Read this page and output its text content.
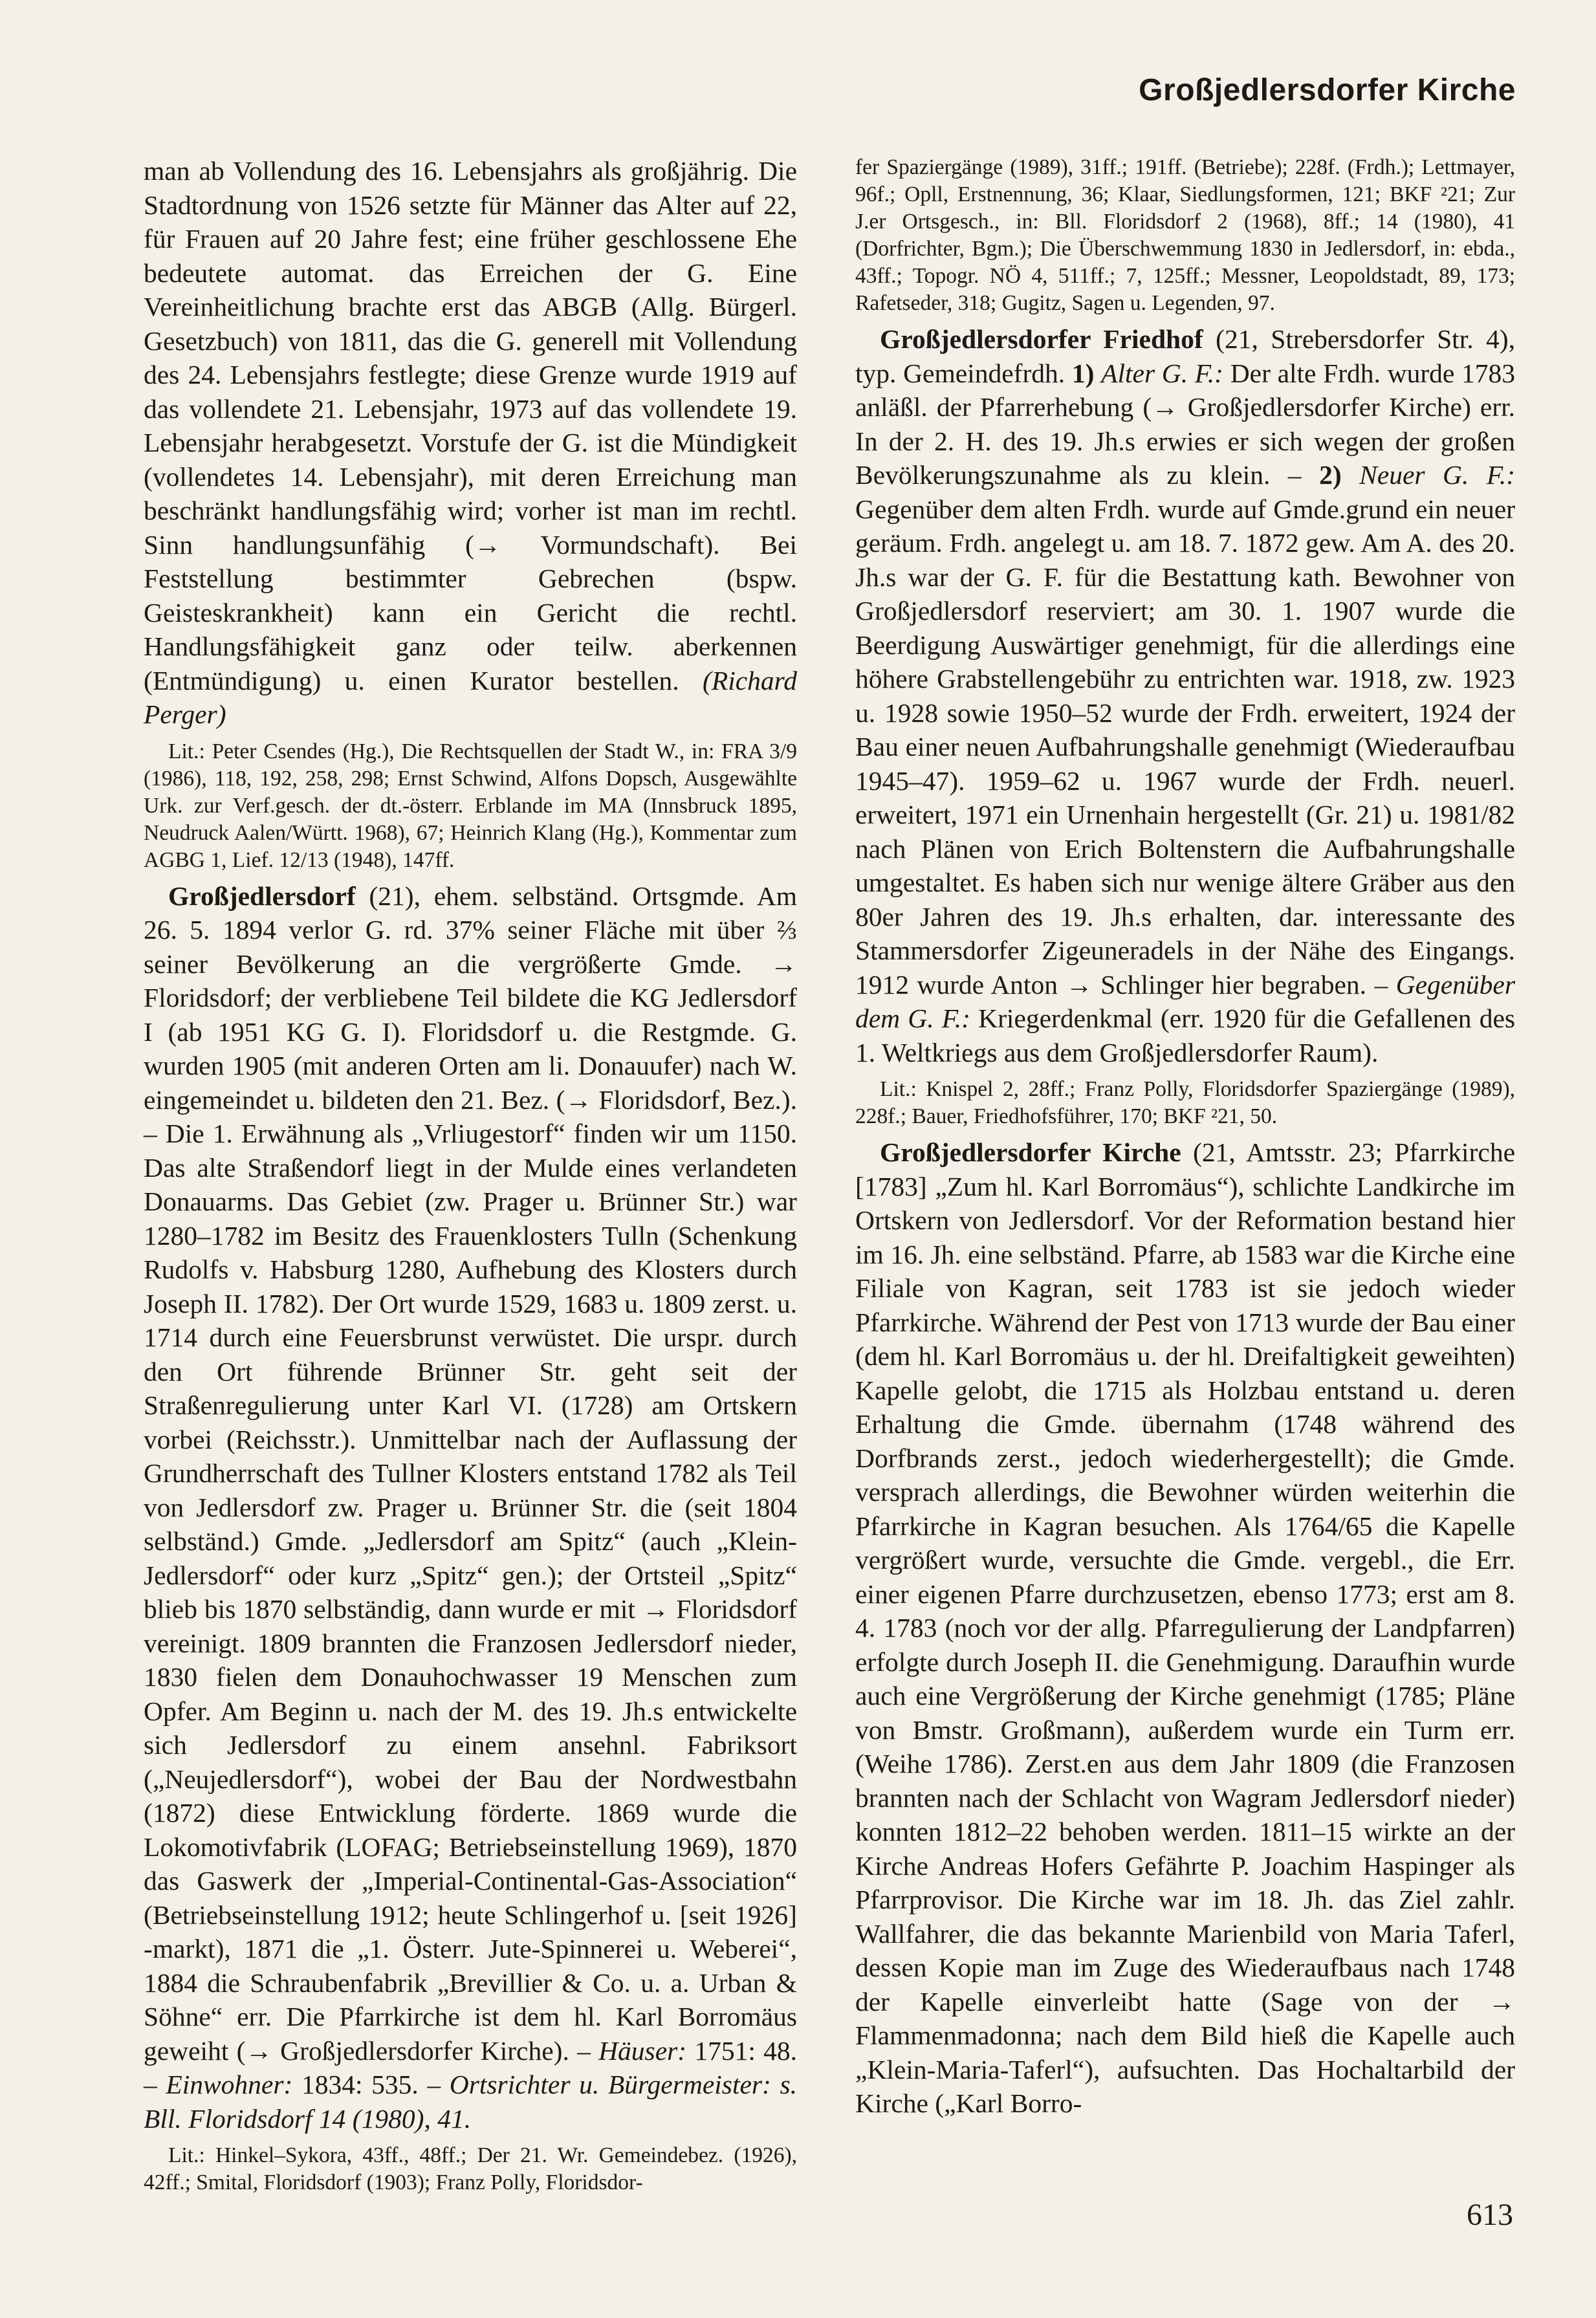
Großjedlersdorfer Kirche

man ab Vollendung des 16. Lebensjahrs als großjährig. Die Stadtordnung von 1526 setzte für Männer das Alter auf 22, für Frauen auf 20 Jahre fest; eine früher geschlossene Ehe bedeutete automat. das Erreichen der G. Eine Vereinheitlichung brachte erst das ABGB (Allg. Bürgerl. Gesetzbuch) von 1811, das die G. generell mit Vollendung des 24. Lebensjahrs festlegte; diese Grenze wurde 1919 auf das vollendete 21. Lebensjahr, 1973 auf das vollendete 19. Lebensjahr herabgesetzt. Vorstufe der G. ist die Mündigkeit (vollendetes 14. Lebensjahr), mit deren Erreichung man beschränkt handlungsfähig wird; vorher ist man im rechtl. Sinn handlungsunfähig (→ Vormundschaft). Bei Feststellung bestimmter Gebrechen (bspw. Geisteskrankheit) kann ein Gericht die rechtl. Handlungsfähigkeit ganz oder teilw. aberkennen (Entmündigung) u. einen Kurator bestellen. (Richard Perger)

Lit.: Peter Csendes (Hg.), Die Rechtsquellen der Stadt W., in: FRA 3/9 (1986), 118, 192, 258, 298; Ernst Schwind, Alfons Dopsch, Ausgewählte Urk. zur Verf.gesch. der dt.-österr. Erblande im MA (Innsbruck 1895, Neudruck Aalen/Württ. 1968), 67; Heinrich Klang (Hg.), Kommentar zum AGBG 1, Lief. 12/13 (1948), 147ff.

Großjedlersdorf (21), ehem. selbständ. Ortsgmde. Am 26. 5. 1894 verlor G. rd. 37% seiner Fläche mit über ⅔ seiner Bevölkerung an die vergrößerte Gmde. → Floridsdorf; der verbliebene Teil bildete die KG Jedlersdorf I (ab 1951 KG G. I). Floridsdorf u. die Restgmde. G. wurden 1905 (mit anderen Orten am li. Donauufer) nach W. eingemeindet u. bildeten den 21. Bez. (→ Floridsdorf, Bez.). – Die 1. Erwähnung als „Vrliugestorf“ finden wir um 1150. Das alte Straßendorf liegt in der Mulde eines verlandeten Donauarms. Das Gebiet (zw. Prager u. Brünner Str.) war 1280–1782 im Besitz des Frauenklosters Tulln (Schenkung Rudolfs v. Habsburg 1280, Aufhebung des Klosters durch Joseph II. 1782). Der Ort wurde 1529, 1683 u. 1809 zerst. u. 1714 durch eine Feuersbrunst verwüstet. Die urspr. durch den Ort führende Brünner Str. geht seit der Straßenregulierung unter Karl VI. (1728) am Ortskern vorbei (Reichsstr.). Unmittelbar nach der Auflassung der Grundherrschaft des Tullner Klosters entstand 1782 als Teil von Jedlersdorf zw. Prager u. Brünner Str. die (seit 1804 selbständ.) Gmde. „Jedlersdorf am Spitz“ (auch „Klein-Jedlersdorf“ oder kurz „Spitz“ gen.); der Ortsteil „Spitz“ blieb bis 1870 selbständig, dann wurde er mit → Floridsdorf vereinigt. 1809 brannten die Franzosen Jedlersdorf nieder, 1830 fielen dem Donauhochwasser 19 Menschen zum Opfer. Am Beginn u. nach der M. des 19. Jh.s entwickelte sich Jedlersdorf zu einem ansehnl. Fabriksort („Neujedlersdorf“), wobei der Bau der Nordwestbahn (1872) diese Entwicklung förderte. 1869 wurde die Lokomotivfabrik (LOFAG; Betriebseinstellung 1969), 1870 das Gaswerk der „Imperial-Continental-Gas-Association“ (Betriebseinstellung 1912; heute Schlingerhof u. [seit 1926] -markt), 1871 die „1. Österr. Jute-Spinnerei u. Weberei“, 1884 die Schraubenfabrik „Brevillier & Co. u. a. Urban & Söhne“ err. Die Pfarrkirche ist dem hl. Karl Borromäus geweiht (→ Großjedlersdorfer Kirche). – Häuser: 1751: 48. – Einwohner: 1834: 535. – Ortsrichter u. Bürgermeister: s. Bll. Floridsdorf 14 (1980), 41.

Lit.: Hinkel–Sykora, 43ff., 48ff.; Der 21. Wr. Gemeindebez. (1926), 42ff.; Smital, Floridsdorf (1903); Franz Polly, Floridsdor-

fer Spaziergänge (1989), 31ff.; 191ff. (Betriebe); 228f. (Frdh.); Lettmayer, 96f.; Opll, Erstnennung, 36; Klaar, Siedlungsformen, 121; BKF ²21; Zur J.er Ortsgesch., in: Bll. Floridsdorf 2 (1968), 8ff.; 14 (1980), 41 (Dorfrichter, Bgm.); Die Überschwemmung 1830 in Jedlersdorf, in: ebda., 43ff.; Topogr. NÖ 4, 511ff.; 7, 125ff.; Messner, Leopoldstadt, 89, 173; Rafetseder, 318; Gugitz, Sagen u. Legenden, 97.

Großjedlersdorfer Friedhof (21, Strebersdorfer Str. 4), typ. Gemeindefrdh. 1) Alter G. F.: Der alte Frdh. wurde 1783 anläßl. der Pfarrerhebung (→ Großjedlersdorfer Kirche) err. In der 2. H. des 19. Jh.s erwies er sich wegen der großen Bevölkerungszunahme als zu klein. – 2) Neuer G. F.: Gegenüber dem alten Frdh. wurde auf Gmde.grund ein neuer geräum. Frdh. angelegt u. am 18. 7. 1872 gew. Am A. des 20. Jh.s war der G. F. für die Bestattung kath. Bewohner von Großjedlersdorf reserviert; am 30. 1. 1907 wurde die Beerdigung Auswärtiger genehmigt, für die allerdings eine höhere Grabstellengebühr zu entrichten war. 1918, zw. 1923 u. 1928 sowie 1950–52 wurde der Frdh. erweitert, 1924 der Bau einer neuen Aufbahrungshalle genehmigt (Wiederaufbau 1945–47). 1959–62 u. 1967 wurde der Frdh. neuerl. erweitert, 1971 ein Urnenhain hergestellt (Gr. 21) u. 1981/82 nach Plänen von Erich Boltenstern die Aufbahrungshalle umgestaltet. Es haben sich nur wenige ältere Gräber aus den 80er Jahren des 19. Jh.s erhalten, dar. interessante des Stammersdorfer Zigeuneradels in der Nähe des Eingangs. 1912 wurde Anton → Schlinger hier begraben. – Gegenüber dem G. F.: Kriegerdenkmal (err. 1920 für die Gefallenen des 1. Weltkriegs aus dem Großjedlersdorfer Raum).

Lit.: Knispel 2, 28ff.; Franz Polly, Floridsdorfer Spaziergänge (1989), 228f.; Bauer, Friedhofsführer, 170; BKF ²21, 50.

Großjedlersdorfer Kirche (21, Amtsstr. 23; Pfarrkirche [1783] „Zum hl. Karl Borromäus“), schlichte Landkirche im Ortskern von Jedlersdorf. Vor der Reformation bestand hier im 16. Jh. eine selbständ. Pfarre, ab 1583 war die Kirche eine Filiale von Kagran, seit 1783 ist sie jedoch wieder Pfarrkirche. Während der Pest von 1713 wurde der Bau einer (dem hl. Karl Borromäus u. der hl. Dreifaltigkeit geweihten) Kapelle gelobt, die 1715 als Holzbau entstand u. deren Erhaltung die Gmde. übernahm (1748 während des Dorfbrands zerst., jedoch wiederhergestellt); die Gmde. versprach allerdings, die Bewohner würden weiterhin die Pfarrkirche in Kagran besuchen. Als 1764/65 die Kapelle vergrößert wurde, versuchte die Gmde. vergebl., die Err. einer eigenen Pfarre durchzusetzen, ebenso 1773; erst am 8. 4. 1783 (noch vor der allg. Pfarregulierung der Landpfarren) erfolgte durch Joseph II. die Genehmigung. Daraufhin wurde auch eine Vergrößerung der Kirche genehmigt (1785; Pläne von Bmstr. Großmann), außerdem wurde ein Turm err. (Weihe 1786). Zerst.en aus dem Jahr 1809 (die Franzosen brannten nach der Schlacht von Wagram Jedlersdorf nieder) konnten 1812–22 behoben werden. 1811–15 wirkte an der Kirche Andreas Hofers Gefährte P. Joachim Haspinger als Pfarrprovisor. Die Kirche war im 18. Jh. das Ziel zahlr. Wallfahrer, die das bekannte Marienbild von Maria Taferl, dessen Kopie man im Zuge des Wiederaufbaus nach 1748 der Kapelle einverleibt hatte (Sage von der → Flammenmadonna; nach dem Bild hieß die Kapelle auch „Klein-Maria-Taferl“), aufsuchten. Das Hochaltarbild der Kirche („Karl Borro-

613
